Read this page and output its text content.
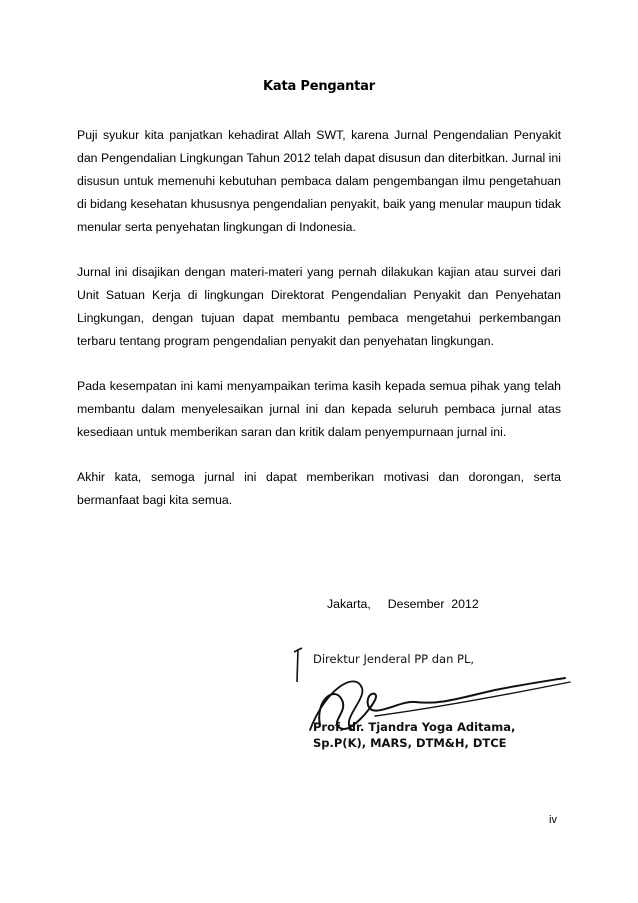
Kata Pengantar

Puji syukur kita panjatkan kehadirat Allah SWT, karena Jurnal Pengendalian Penyakit dan Pengendalian Lingkungan Tahun 2012 telah dapat disusun dan diterbitkan. Jurnal ini disusun untuk memenuhi kebutuhan pembaca dalam pengembangan ilmu pengetahuan di bidang kesehatan khususnya pengendalian penyakit, baik yang menular maupun tidak menular serta penyehatan lingkungan di Indonesia.

Jurnal ini disajikan dengan materi-materi yang pernah dilakukan kajian atau survei dari Unit Satuan Kerja di lingkungan Direktorat Pengendalian Penyakit dan Penyehatan Lingkungan, dengan tujuan dapat membantu pembaca mengetahui perkembangan terbaru tentang program pengendalian penyakit dan penyehatan lingkungan.

Pada kesempatan ini kami menyampaikan terima kasih kepada semua pihak yang telah membantu dalam menyelesaikan jurnal ini dan kepada seluruh pembaca jurnal atas kesediaan untuk memberikan saran dan kritik dalam penyempurnaan jurnal ini.

Akhir kata, semoga jurnal ini dapat memberikan motivasi dan dorongan, serta bermanfaat bagi kita semua.

Jakarta, Desember  2012
Direktur Jenderal PP dan PL,
Prof. dr. Tjandra Yoga Aditama,
Sp.P(K), MARS, DTM&H, DTCE
iv
